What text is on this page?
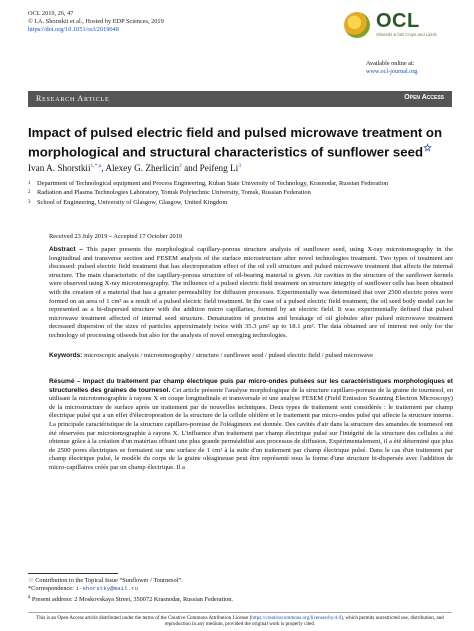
OCL 2019, 26, 47
© I.A. Shorstkii et al., Hosted by EDP Sciences, 2019
https://doi.org/10.1051/ocl/2019048	OCL
Oilseeds & fats Crops and Lipids
Available online at:
www.ocl-journal.org
Research Article	Open Access
Impact of pulsed electric field and pulsed microwave treatment on morphological and structural characteristics of sunflower seed☆
Ivan A. Shorstkii$^{1,*,a}$, Alexey G. Zherlicin$^2$ and Peifeng Li$^3$
1	Department of Technological equipment and Process Engineering, Kuban State University of Technology, Krasnodar, Russian Federation
2	Radiation and Plasma Technologies Laboratory, Tomsk Polytechnic University, Tomsk, Russian Federation
3	School of Engineering, University of Glasgow, Glasgow, United Kingdom
Received 23 July 2019 – Accepted 17 October 2019
Abstract – This paper presents the morphological capillary-porous structure analysis of sunflower seed, using X-ray microtomography in the longitudinal and transverse section and FESEM analysis of the surface microstructure after novel technologies treatment. Two types of treatment are discussed: pulsed electric field treatment that has electroporation effect of the oil cell structure and pulsed microwave treatment that affects the internal structure. The main characteristic of the capillary-porous structure of oil-bearing material is given. Air cavities in the structure of the sunflower kernels were observed using X-ray microtomography. The influence of a pulsed electric field treatment on structure integrity of sunflower cells has been obtained with the creation of a material that has a greater permeability for diffusion processes. Experimentally was determined that over 2500 electric pores were formed on an area of 1 cm² as a result of a pulsed electric field treatment. In the case of a pulsed electric field treatment, the oil seed body model can be represented as a bi-dispersed structure with the addition micro capillaries, formed by an electric field. It was experimentally defined that pulsed microwave treatment affected of internal seed structure. Denaturation of proteins and breakage of oil globules after pulsed microwave treatment decreased dispersion of the sizes of particles approximately twice with 35.3 μm² up to 18.1 μm². The data obtained are of interest not only for the technology of processing oilseeds but also for the analysis of novel emerging technologies.
Keywords: microscopic analysis / microtomography / structure / sunflower seed / pulsed electric field / pulsed microwave
Résumé – Impact du traitement par champ électrique puis par micro-ondes pulsées sur les caractéristiques morphologiques et structurelles des graines de tournesol. Cet article présente l'analyse morphologique de la structure capillaro-poreuse de la graine de tournesol, en utilisant la microtomographie à rayons X en coupe longitudinale et transversale et une analyse FESEM (Field Emission Scanning Electron Microscopy) de la microstructure de surface après un traitement par de nouvelles techniques. Deux types de traitement sont considérés : le traitement par champ électrique pulsé qui a un effet d'électroporation de la structure de la cellule oléifère et le traitement par micro-ondes pulsé qui affecte la structure interne. La principale caractéristique de la structure capillaro-poreuse de l'oléagineux est donnée. Des cavités d'air dans la structure des amandes de tournesol ont été observées par microtomographie à rayons X. L'influence d'un traitement par champ électrique pulsé sur l'intégrité de la structure des cellules a été obtenue grâce à la création d'un matériau offrant une plus grande perméabilité aux processus de diffusion. Expérimentalement, il a été déterminé que plus de 2500 pores électriques se formaient sur une surface de 1 cm² à la suite d'un traitement par champ électrique pulsé. Dans le cas d'un traitement par champ électrique pulsé, le modèle du corps de la graine oléagineuse peut être représenté sous la forme d'une structure bi-dispersée avec l'addition de micro-capillaires créés par un champ électrique. Il a
☆ Contribution to the Topical Issue “Sunflower / Tournesol”.
*Correspondence: i-shorstky@mail.ru
$^a$ Present address: 2 Moskovskaya Street, 350072 Krasnodar, Russian Federation.
This is an Open Access article distributed under the terms of the Creative Commons Attribution License (https://creativecommons.org/licenses/by/4.0), which permits unrestricted use, distribution, and reproduction in any medium, provided the original work is properly cited.
